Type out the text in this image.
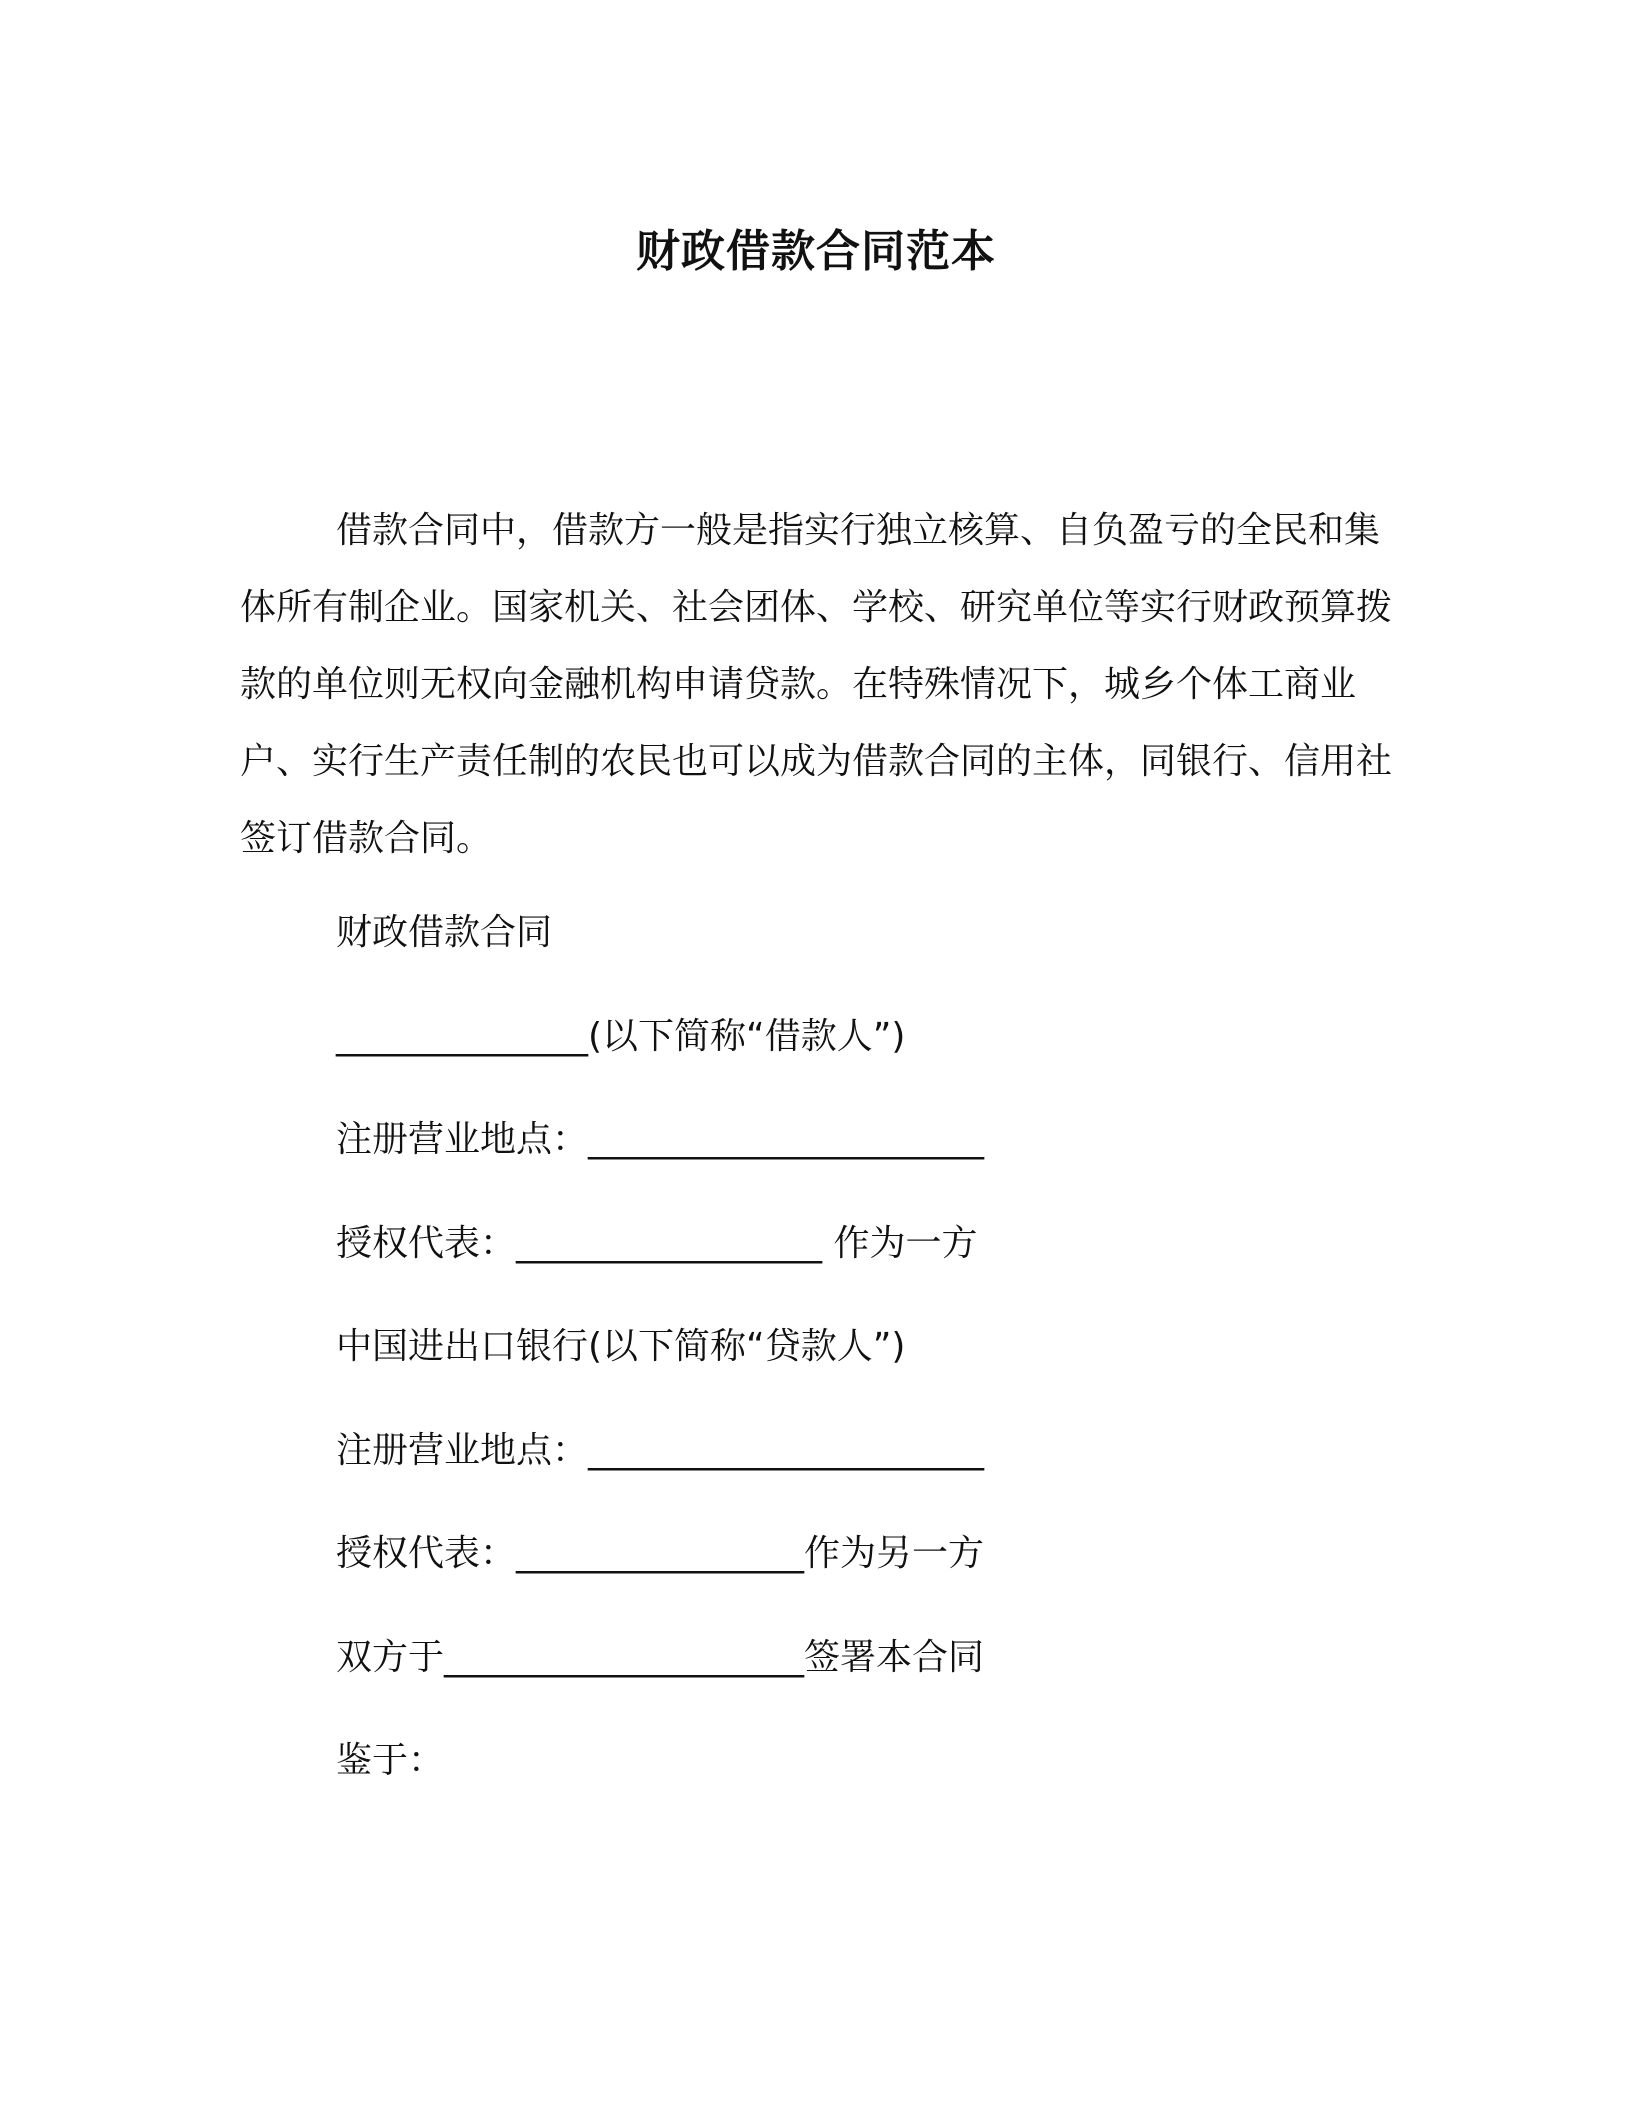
财政借款合同范本

借款合同中，借款方一般是指实行独立核算、自负盈亏的全民和集体所有制企业。国家机关、社会团体、学校、研究单位等实行财政预算拨款的单位则无权向金融机构申请贷款。在特殊情况下，城乡个体工商业户、实行生产责任制的农民也可以成为借款合同的主体，同银行、信用社签订借款合同。

财政借款合同

______________(以下简称“借款人”)

注册营业地点：______________________

授权代表：_________________ 作为一方

中国进出口银行(以下简称“贷款人”)

注册营业地点：______________________

授权代表：________________作为另一方

双方于____________________签署本合同

鉴于：
